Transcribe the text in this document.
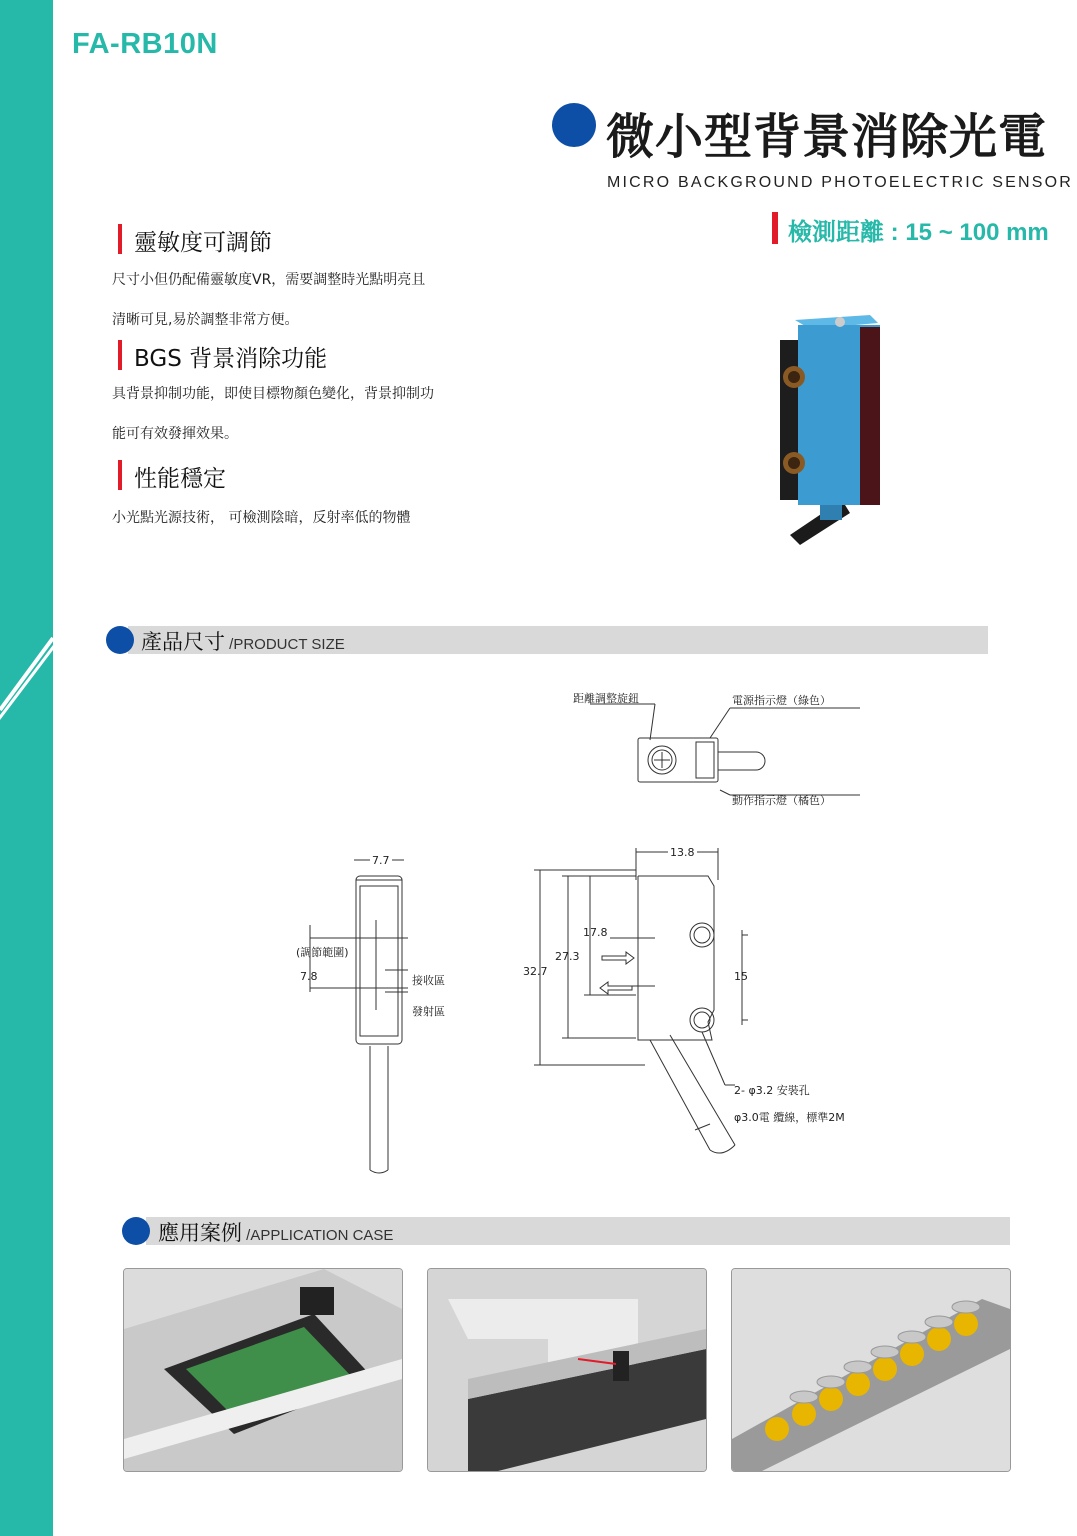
FA-RB10N
微小型背景消除光電
MICRO BACKGROUND PHOTOELECTRIC SENSOR
檢測距離 : 15 ~ 100 mm
靈敏度可調節
尺寸小但仍配備靈敏度VR，需要調整時光點明亮且
清晰可見,易於調整非常方便。
BGS 背景消除功能
具背景抑制功能，即使目標物顏色變化，背景抑制功
能可有效發揮效果。
性能穩定
小光點光源技術， 可檢測陰暗，反射率低的物體
產品尺寸 /PRODUCT SIZE
距離調整旋鈕	電源指示燈（綠色）
動作指示燈（橘色）
7.7
(調節範圍)
7.8	接收區
發射區
13.8
17.8
27.3
32.7	15
2- φ3.2 安裝孔
φ3.0電 纜線，標準2M
應用案例 /APPLICATION CASE
